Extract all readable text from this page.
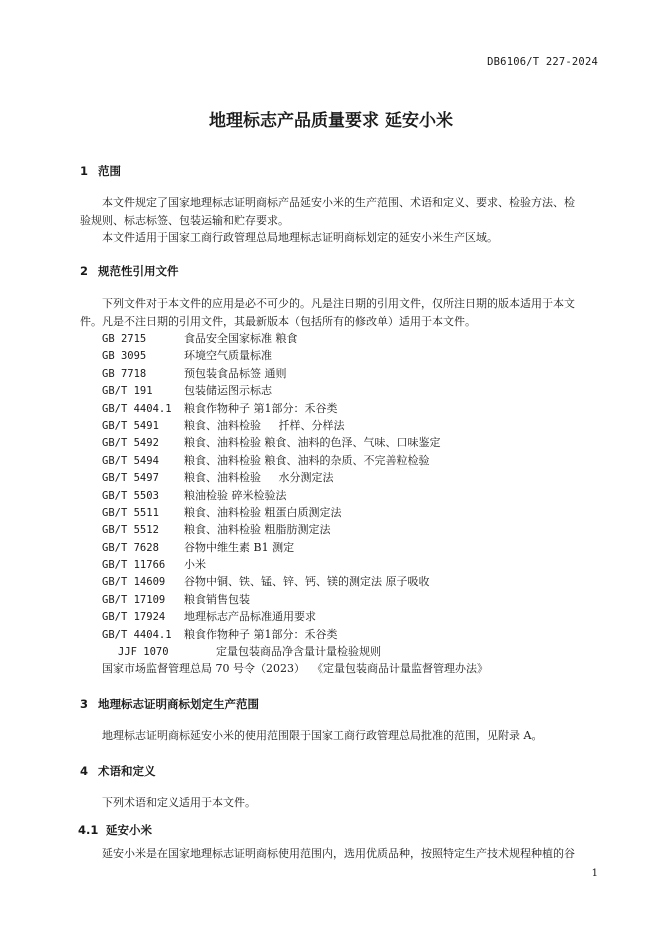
DB6106/T 227-2024
地理标志产品质量要求 延安小米
1 范围
本文件规定了国家地理标志证明商标产品延安小米的生产范围、术语和定义、要求、检验方法、检
验规则、标志标签、包装运输和贮存要求。
本文件适用于国家工商行政管理总局地理标志证明商标划定的延安小米生产区域。
2 规范性引用文件
下列文件对于本文件的应用是必不可少的。凡是注日期的引用文件，仅所注日期的版本适用于本文
件。凡是不注日期的引用文件，其最新版本（包括所有的修改单）适用于本文件。
GB 2715	食品安全国家标准 粮食
GB 3095	环境空气质量标准
GB 7718	预包装食品标签 通则
GB/T 191	包装储运图示标志
GB/T 4404.1 粮食作物种子 第1部分：禾谷类
GB/T 5491 粮食、油料检验     扦样、分样法
GB/T 5492 粮食、油料检验 粮食、油料的色泽、气味、口味鉴定
GB/T 5494 粮食、油料检验 粮食、油料的杂质、不完善粒检验
GB/T 5497 粮食、油料检验     水分测定法
GB/T 5503 粮油检验 碎米检验法
GB/T 5511 粮食、油料检验 粗蛋白质测定法
GB/T 5512 粮食、油料检验 粗脂肪测定法
GB/T 7628 谷物中维生素 B1 测定
GB/T 11766 小米
GB/T 14609 谷物中铜、铁、锰、锌、钙、镁的测定法 原子吸收
GB/T 17109 粮食销售包装
GB/T 17924 地理标志产品标准通用要求
GB/T 4404.1 粮食作物种子 第1部分：禾谷类
JJF 1070	定量包装商品净含量计量检验规则
国家市场监督管理总局 70 号令（2023）  《定量包装商品计量监督管理办法》
3 地理标志证明商标划定生产范围
地理标志证明商标延安小米的使用范围限于国家工商行政管理总局批准的范围，见附录 A。
4 术语和定义
下列术语和定义适用于本文件。
4.1 延安小米
延安小米是在国家地理标志证明商标使用范围内，选用优质品种，按照特定生产技术规程种植的谷
1
